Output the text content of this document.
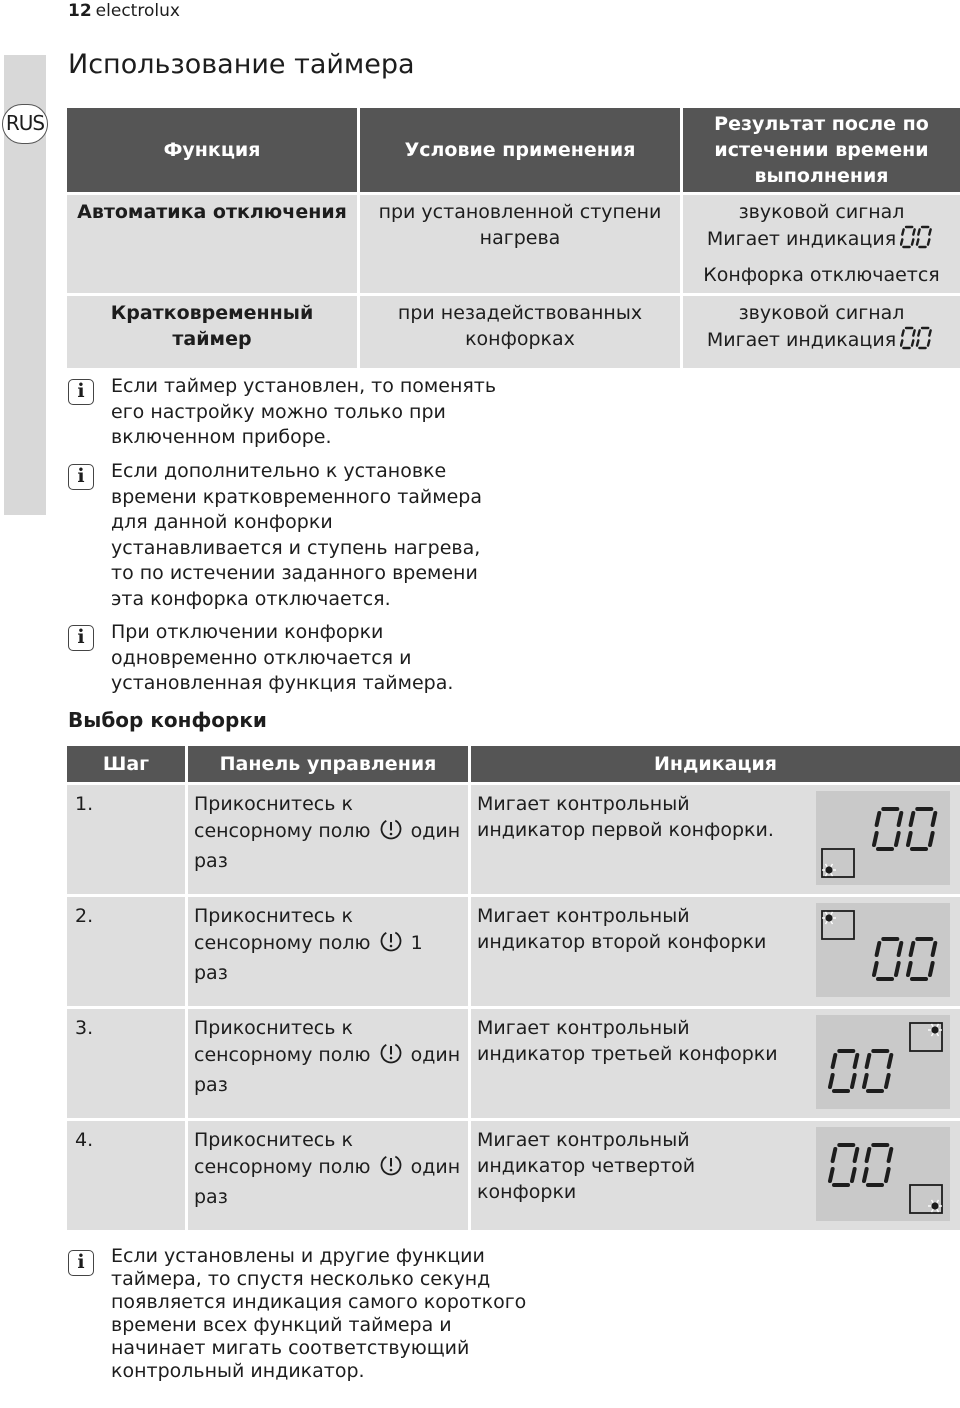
12 electrolux
RUS
Использование таймера
Функция	Условие применения	Результат после по истечении времени выполнения
Автоматика отключения	при установленной ступени нагрева	звуковой сигнал
Мигает индикация
Конфорка отключается

Кратковременный таймер	при незадействованных конфорках	звуковой сигнал
Мигает индикация
i	Если таймер установлен, то поменять его настройку можно только при включенном приборе.
i	Если дополнительно к установке времени кратковременного таймера для данной конфорки устанавливается и ступень нагрева, то по истечении заданного времени эта конфорка отключается.
i	При отключении конфорки одновременно отключается и установленная функция таймера.
Выбор конфорки
Шаг	Панель управления	Индикация
1.	Прикоснитесь к сенсорному полю один раз	Мигает контрольный индикатор первой конфорки.

2.	Прикоснитесь к сенсорному полю 1 раз	Мигает контрольный индикатор второй конфорки

3.	Прикоснитесь к сенсорному полю один раз	Мигает контрольный индикатор третьей конфорки

4.	Прикоснитесь к сенсорному полю один раз	Мигает контрольный индикатор четвертой конфорки
i	Если установлены и другие функции таймера, то спустя несколько секунд появляется индикация самого короткого времени всех функций таймера и начинает мигать соответствующий контрольный индикатор.
